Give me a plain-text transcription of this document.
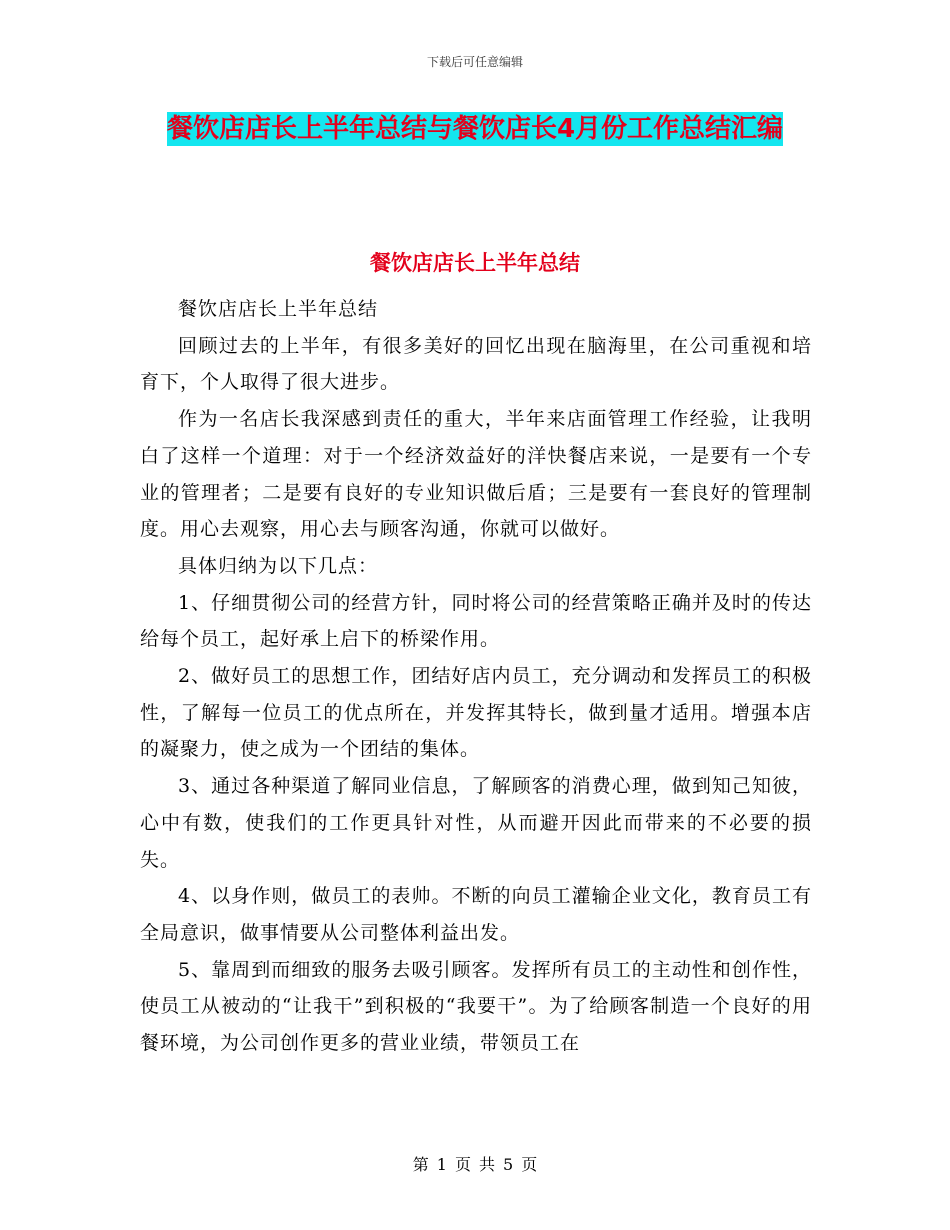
下载后可任意编辑
餐饮店店长上半年总结与餐饮店长4月份工作总结汇编
餐饮店店长上半年总结

餐饮店店长上半年总结

回顾过去的上半年，有很多美好的回忆出现在脑海里，在公司重视和培育下，个人取得了很大进步。

作为一名店长我深感到责任的重大，半年来店面管理工作经验，让我明白了这样一个道理：对于一个经济效益好的洋快餐店来说，一是要有一个专业的管理者；二是要有良好的专业知识做后盾；三是要有一套良好的管理制度。用心去观察，用心去与顾客沟通，你就可以做好。

具体归纳为以下几点：

1、仔细贯彻公司的经营方针，同时将公司的经营策略正确并及时的传达给每个员工，起好承上启下的桥梁作用。

2、做好员工的思想工作，团结好店内员工，充分调动和发挥员工的积极性，了解每一位员工的优点所在，并发挥其特长，做到量才适用。增强本店的凝聚力，使之成为一个团结的集体。

3、通过各种渠道了解同业信息，了解顾客的消费心理，做到知己知彼，心中有数，使我们的工作更具针对性，从而避开因此而带来的不必要的损失。

4、以身作则，做员工的表帅。不断的向员工灌输企业文化，教育员工有全局意识，做事情要从公司整体利益出发。

5、靠周到而细致的服务去吸引顾客。发挥所有员工的主动性和创作性，使员工从被动的“让我干”到积极的“我要干”。为了给顾客制造一个良好的用餐环境，为公司创作更多的营业业绩，带领员工在

第 1 页 共 5 页
